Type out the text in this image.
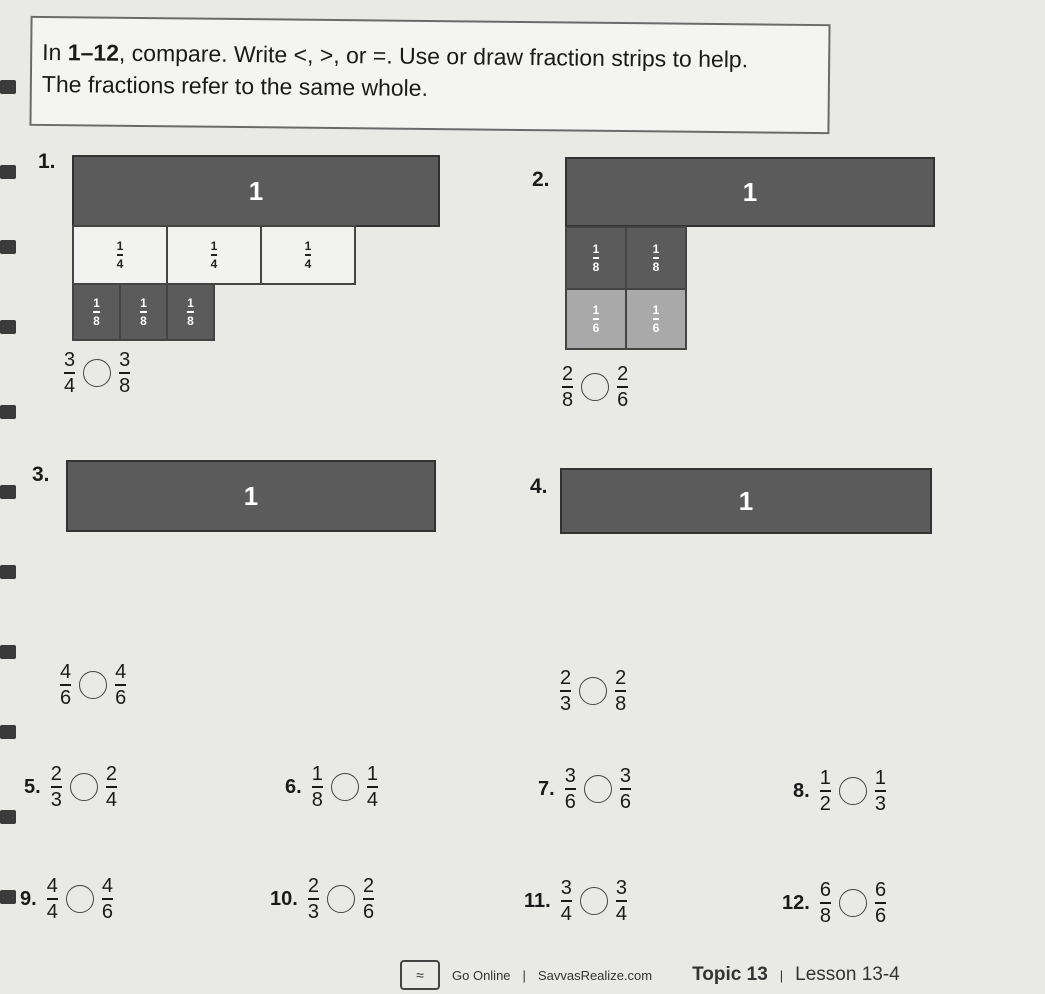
In 1–12, compare. Write <, >, or =. Use or draw fraction strips to help.
The fractions refer to the same whole.
1.
1
$\frac{1}{4}$	$\frac{1}{4}$	$\frac{1}{4}$
$\frac{1}{8}$	$\frac{1}{8}$	$\frac{1}{8}$
$\frac{3}{4} \frac{3}{8}$
2.	1
$\frac{1}{8}$	$\frac{1}{8}$
$\frac{1}{6}$	$\frac{1}{6}$
$\frac{2}{8} \frac{2}{6}$
3.
1
$\frac{4}{6} \frac{4}{6}$
4.	1
$\frac{2}{3} \frac{2}{8}$
5. $\frac{2}{3} \frac{2}{4}$	6. $\frac{1}{8} \frac{1}{4}$	7. $\frac{3}{6} \frac{3}{6}$	8. $\frac{1}{2} \frac{1}{3}$
9. $\frac{4}{4} \frac{4}{6}$	10. $\frac{2}{3} \frac{2}{6}$	11. $\frac{3}{4} \frac{3}{4}$	12. $\frac{6}{8} \frac{6}{6}$
≈	Go Online | SavvasRealize.com Topic 13 | Lesson 13-4
